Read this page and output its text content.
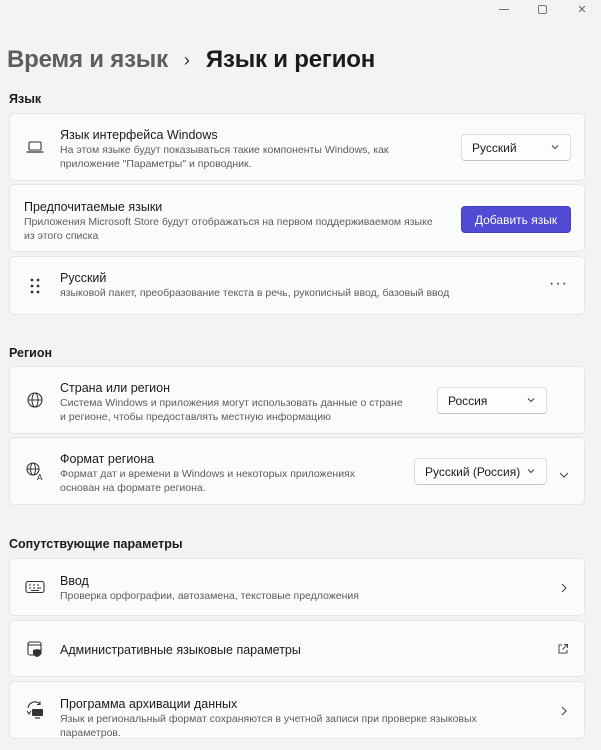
✕
Время и язык › Язык и регион
Язык
Язык интерфейса Windows
На этом языке будут показываться такие компоненты Windows, как приложение "Параметры" и проводник.
Русский
Предпочитаемые языки
Приложения Microsoft Store будут отображаться на первом поддерживаемом языке из этого списка
Добавить язык
Русский
языковой пакет, преобразование текста в речь, рукописный ввод, базовый ввод
···
Регион
Страна или регион
Система Windows и приложения могут использовать данные о стране и регионе, чтобы предоставлять местную информацию
Россия
A
Формат региона
Формат дат и времени в Windows и некоторых приложениях основан на формате региона.
Русский (Россия)
Сопутствующие параметры
Ввод
Проверка орфографии, автозамена, текстовые предложения
Административные языковые параметры
Программа архивации данных
Язык и региональный формат сохраняются в учетной записи при проверке языковых параметров.
